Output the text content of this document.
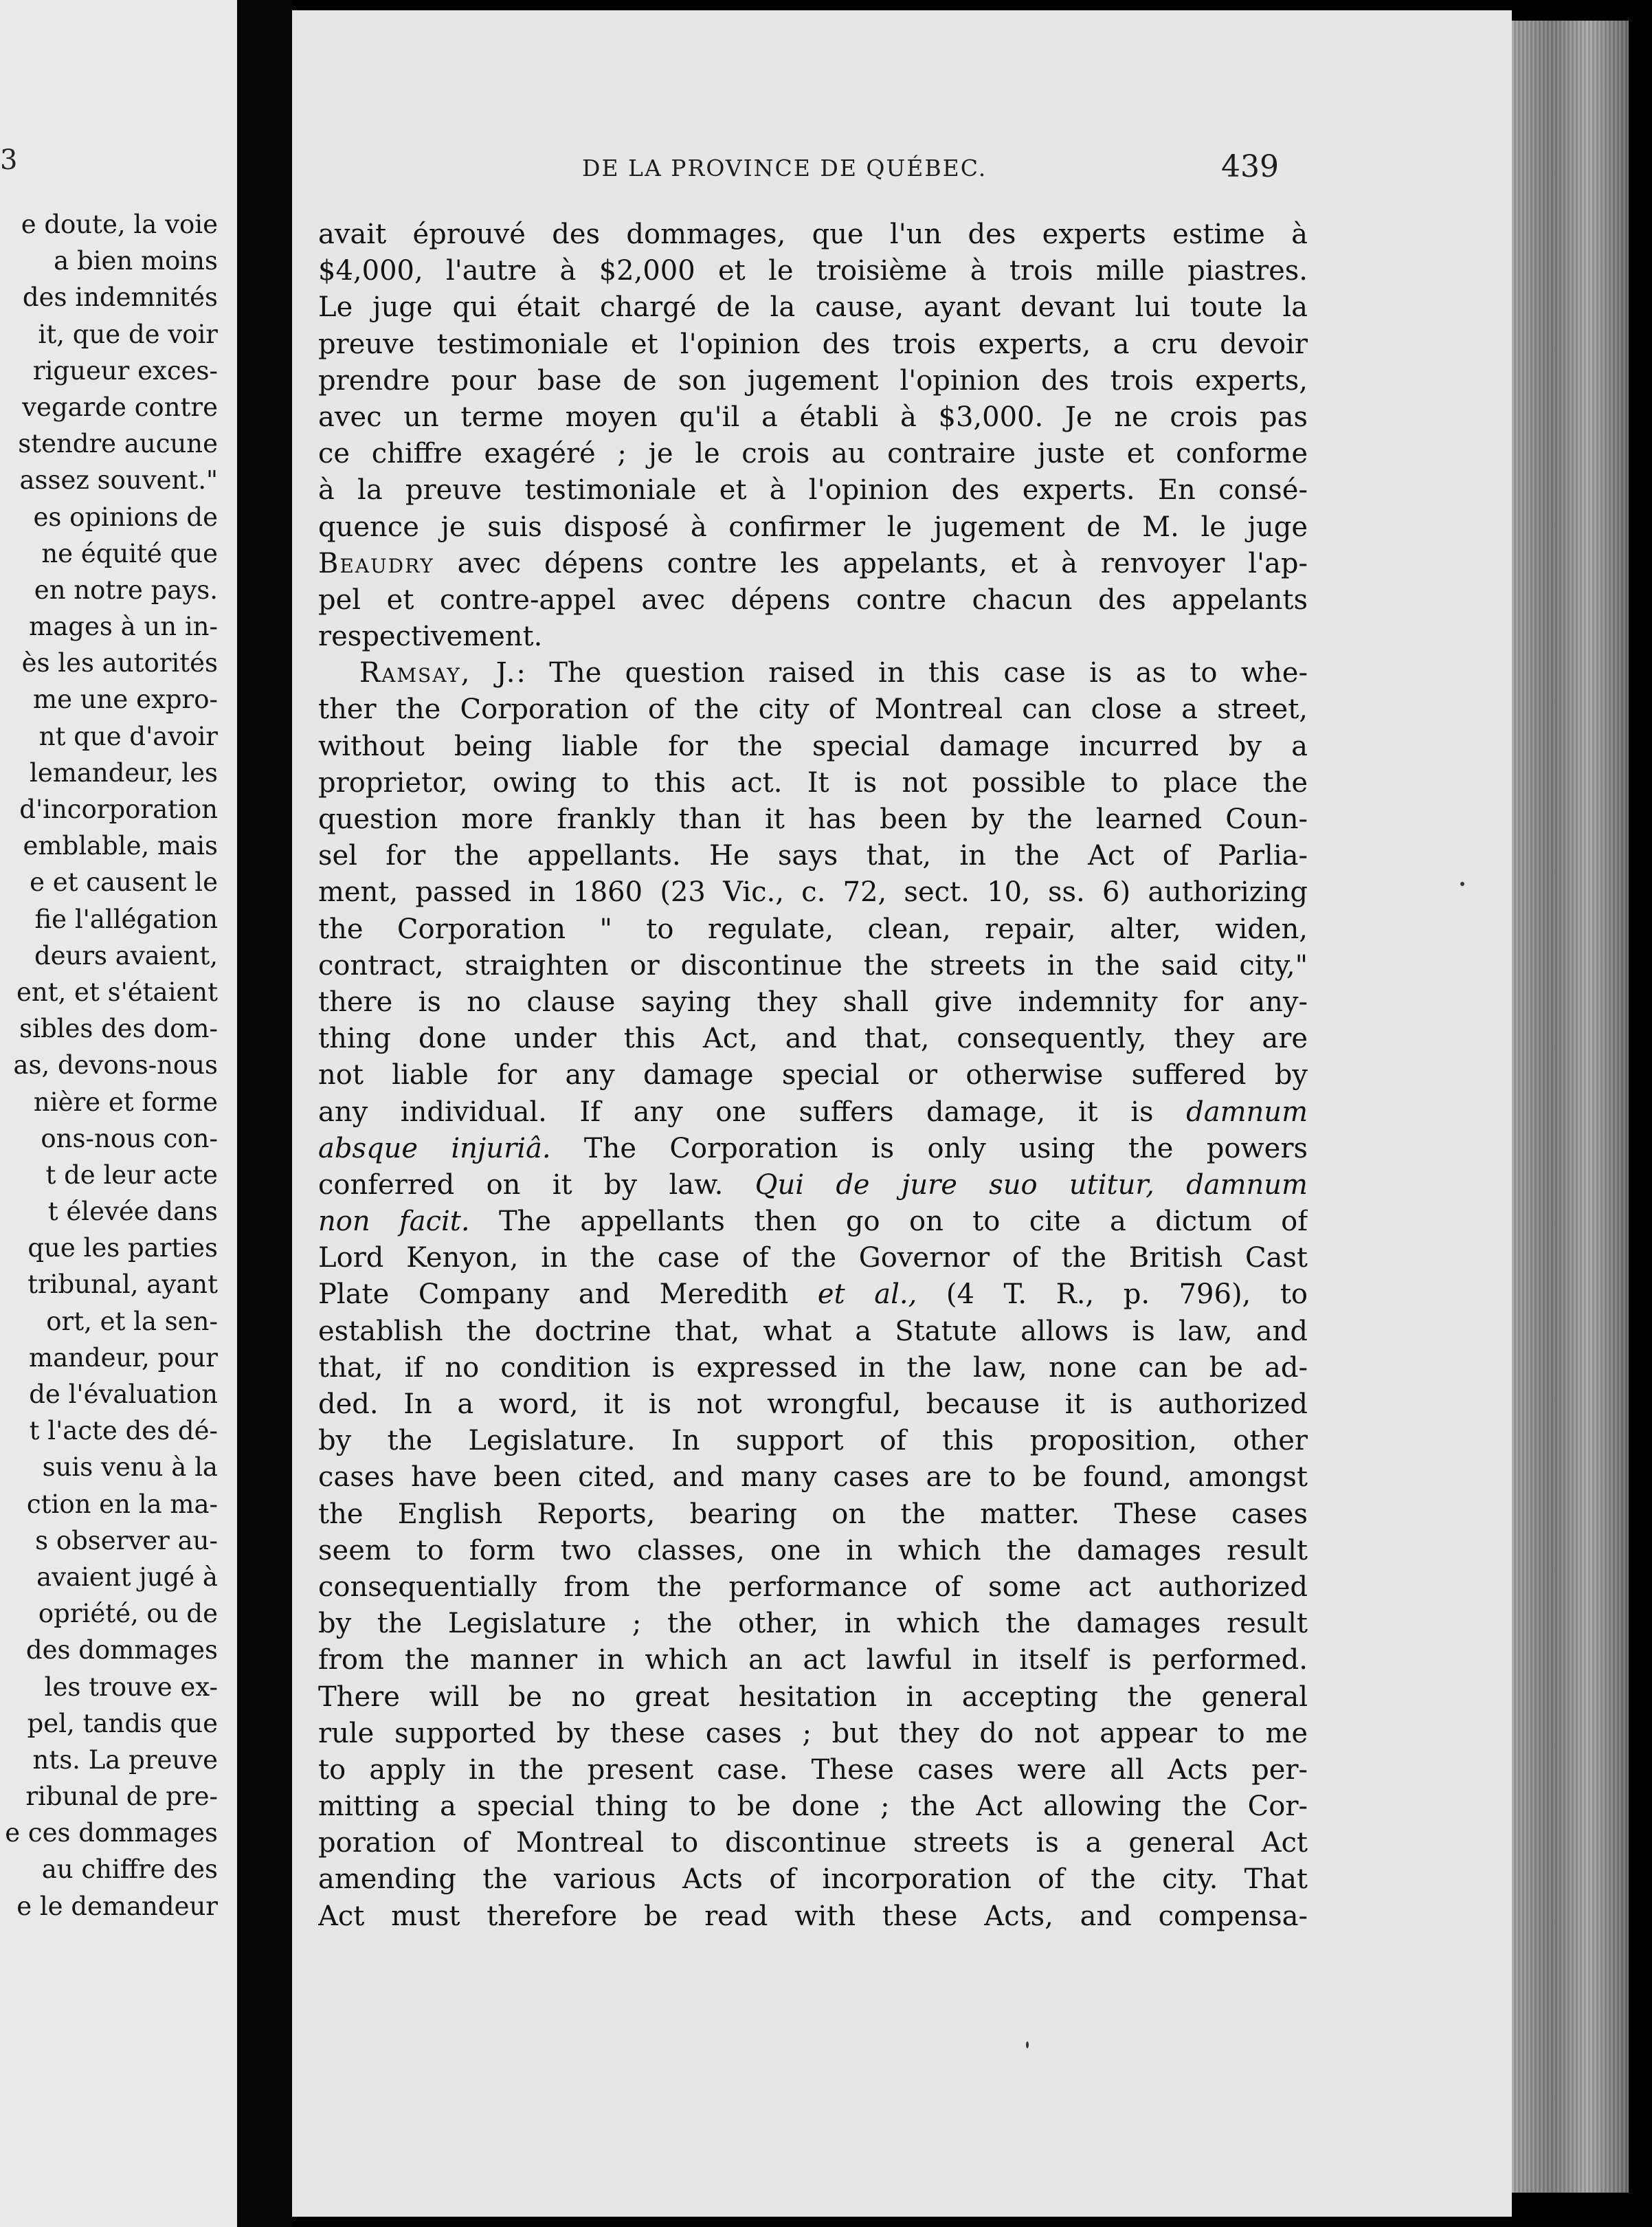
3
e doute, la voie
a bien moins
des indemnités
it, que de voir
rigueur exces-
vegarde contre
stendre aucune
assez souvent."
es opinions de
ne équité que
en notre pays.
mages à un in-
ès les autorités
me une expro-
nt que d'avoir
lemandeur, les
d'incorporation
emblable, mais
e et causent le
fie l'allégation
deurs avaient,
ent, et s'étaient
sibles des dom-
as, devons-nous
nière et forme
ons-nous con-
t de leur acte
t élevée dans
que les parties
tribunal, ayant
ort, et la sen-
mandeur, pour
de l'évaluation
t l'acte des dé-
suis venu à la
ction en la ma-
s observer au-
avaient jugé à
opriété, ou de
des dommages
les trouve ex-
pel, tandis que
nts. La preuve
ribunal de pre-
e ces dommages
au chiffre des
e le demandeur
DE LA PROVINCE DE QUÉBEC.	439
avait éprouvé des dommages, que l'un des experts estime à
$4,000, l'autre à $2,000 et le troisième à trois mille piastres.
Le juge qui était chargé de la cause, ayant devant lui toute la
preuve testimoniale et l'opinion des trois experts, a cru devoir
prendre pour base de son jugement l'opinion des trois experts,
avec un terme moyen qu'il a établi à $3,000. Je ne crois pas
ce chiffre exagéré ; je le crois au contraire juste et conforme
à la preuve testimoniale et à l'opinion des experts. En consé-
quence je suis disposé à confirmer le jugement de M. le juge
Beaudry avec dépens contre les appelants, et à renvoyer l'ap-
pel et contre-appel avec dépens contre chacun des appelants
respectivement.
Ramsay, J.: The question raised in this case is as to whe-
ther the Corporation of the city of Montreal can close a street,
without being liable for the special damage incurred by a
proprietor, owing to this act. It is not possible to place the
question more frankly than it has been by the learned Coun-
sel for the appellants. He says that, in the Act of Parlia-
ment, passed in 1860 (23 Vic., c. 72, sect. 10, ss. 6) authorizing
the Corporation " to regulate, clean, repair, alter, widen,
contract, straighten or discontinue the streets in the said city,"
there is no clause saying they shall give indemnity for any-
thing done under this Act, and that, consequently, they are
not liable for any damage special or otherwise suffered by
any individual. If any one suffers damage, it is damnum
absque injuriâ. The Corporation is only using the powers
conferred on it by law. Qui de jure suo utitur, damnum
non facit. The appellants then go on to cite a dictum of
Lord Kenyon, in the case of the Governor of the British Cast
Plate Company and Meredith et al., (4 T. R., p. 796), to
establish the doctrine that, what a Statute allows is law, and
that, if no condition is expressed in the law, none can be ad-
ded. In a word, it is not wrongful, because it is authorized
by the Legislature. In support of this proposition, other
cases have been cited, and many cases are to be found, amongst
the English Reports, bearing on the matter. These cases
seem to form two classes, one in which the damages result
consequentially from the performance of some act authorized
by the Legislature ; the other, in which the damages result
from the manner in which an act lawful in itself is performed.
There will be no great hesitation in accepting the general
rule supported by these cases ; but they do not appear to me
to apply in the present case. These cases were all Acts per-
mitting a special thing to be done ; the Act allowing the Cor-
poration of Montreal to discontinue streets is a general Act
amending the various Acts of incorporation of the city. That
Act must therefore be read with these Acts, and compensa-
